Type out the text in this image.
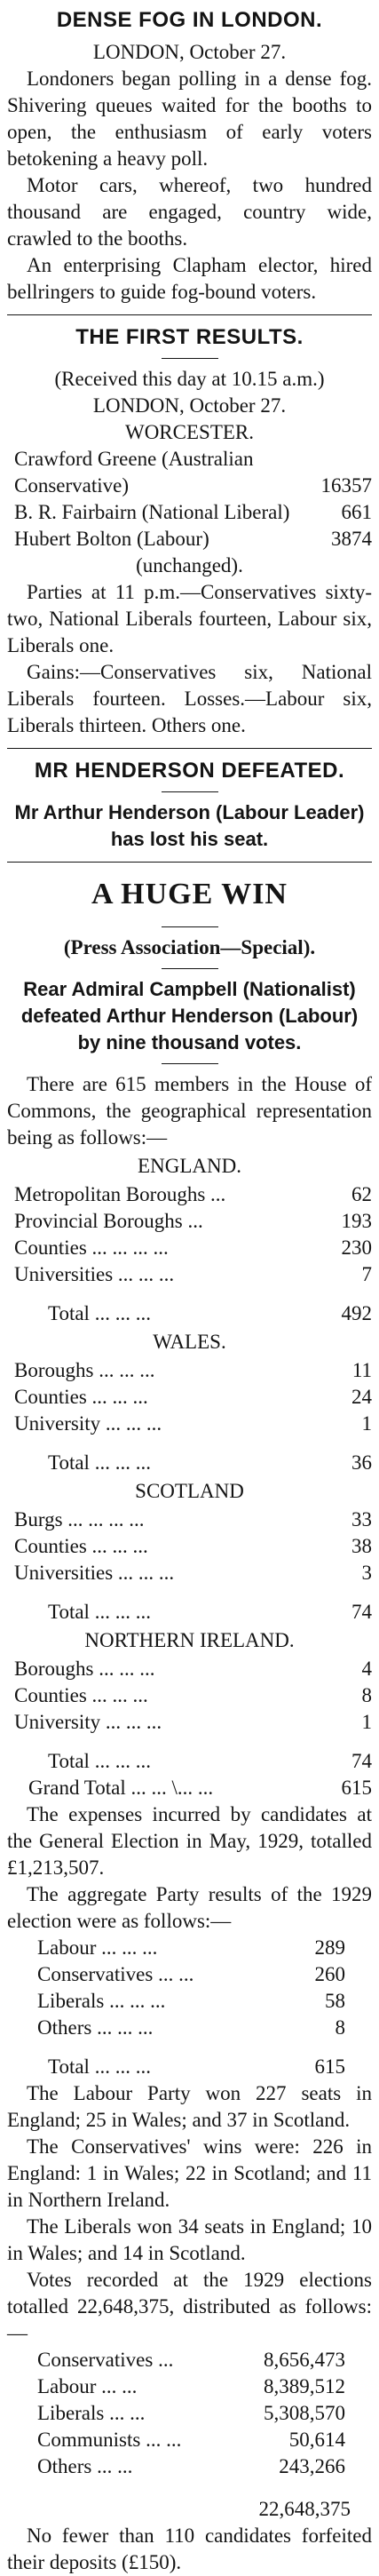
DENSE FOG IN LONDON.

LONDON, October 27.

Londoners began polling in a dense fog. Shivering queues waited for the booths to open, the enthusiasm of early voters betokening a heavy poll.

Motor cars, whereof, two hundred thousand are engaged, country wide, crawled to the booths.

An enterprising Clapham elector, hired bellringers to guide fog-bound voters.

THE FIRST RESULTS.

(Received this day at 10.15 a.m.)

LONDON, October 27.

WORCESTER.

Crawford Greene (Australian Conservative)	16357
B. R. Fairbairn (National Liberal)	661
Hubert Bolton (Labour)	3874

(unchanged).

Parties at 11 p.m.—Conservatives sixty-two, National Liberals fourteen, Labour six, Liberals one.

Gains:—Conservatives six, National Liberals fourteen. Losses.—Labour six, Liberals thirteen. Others one.

MR HENDERSON DEFEATED.

Mr Arthur Henderson (Labour Leader) has lost his seat.

A HUGE WIN

(Press Association—Special).

Rear Admiral Campbell (Nationalist) defeated Arthur Henderson (Labour) by nine thousand votes.

There are 615 members in the House of Commons, the geographical representation being as follows:—

ENGLAND.

Metropolitan Boroughs ...	62
Provincial Boroughs ...	193
Counties ... ... ... ...	230
Universities ... ... ...	7
Total ... ... ...	492

WALES.

Boroughs ... ... ...	11
Counties ... ... ...	24
University ... ... ...	1
Total ... ... ...	36

SCOTLAND

Burgs ... ... ... ...	33
Counties ... ... ...	38
Universities ... ... ...	3
Total ... ... ...	74

NORTHERN IRELAND.

Boroughs ... ... ...	4
Counties ... ... ...	8
University ... ... ...	1
Total ... ... ...	74
Grand Total ... ... \... ...	615

The expenses incurred by candidates at the General Election in May, 1929, totalled £1,213,507.

The aggregate Party results of the 1929 election were as follows:—

Labour ... ... ...	289
Conservatives ... ...	260
Liberals ... ... ...	58
Others ... ... ...	8
Total ... ... ...	615

The Labour Party won 227 seats in England; 25 in Wales; and 37 in Scotland.

The Conservatives' wins were: 226 in England: 1 in Wales; 22 in Scotland; and 11 in Northern Ireland.

The Liberals won 34 seats in England; 10 in Wales; and 14 in Scotland.

Votes recorded at the 1929 elections totalled 22,648,375, distributed as follows:—

Conservatives ...	8,656,473
Labour ... ...	8,389,512
Liberals ... ...	5,308,570
Communists ... ...	50,614
Others ... ...	243,266

22,648,375

No fewer than 110 candidates forfeited their deposits (£150).
